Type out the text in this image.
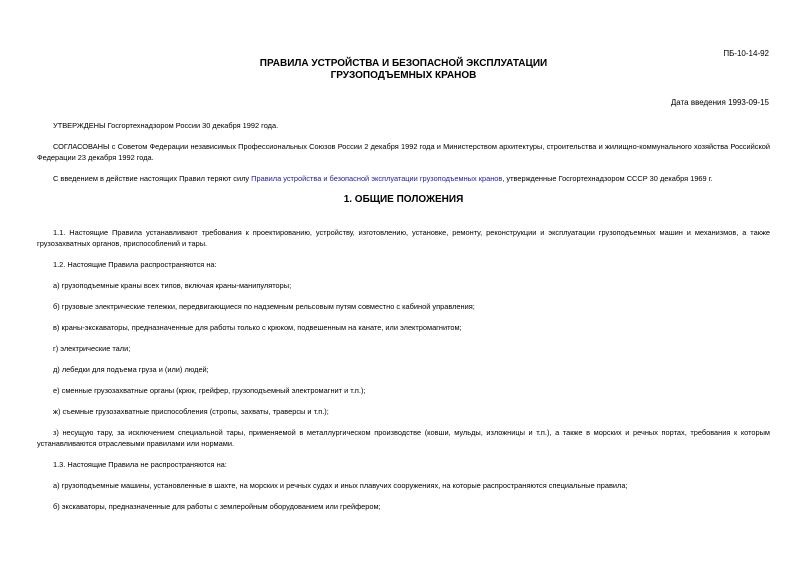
ПБ-10-14-92
ПРАВИЛА УСТРОЙСТВА И БЕЗОПАСНОЙ ЭКСПЛУАТАЦИИ
ГРУЗОПОДЪЕМНЫХ КРАНОВ
Дата введения 1993-09-15

УТВЕРЖДЕНЫ Госгортехнадзором России 30 декабря 1992 года.

СОГЛАСОВАНЫ с Советом Федерации независимых Профессиональных Союзов России 2 декабря 1992 года и Министерством архитектуры, строительства и жилищно-коммунального хозяйства Российской Федерации 23 декабря 1992 года.

С введением в действие настоящих Правил теряют силу Правила устройства и безопасной эксплуатации грузоподъемных кранов, утвержденные Госгортехнадзором СССР 30 декабря 1969 г.

1. ОБЩИЕ ПОЛОЖЕНИЯ

1.1. Настоящие Правила устанавливают требования к проектированию, устройству, изготовлению, установке, ремонту, реконструкции и эксплуатации грузоподъемных машин и механизмов, а также грузозахватных органов, приспособлений и тары.

1.2. Настоящие Правила распространяются на:

а) грузоподъемные краны всех типов, включая краны-манипуляторы;

б) грузовые электрические тележки, передвигающиеся по надземным рельсовым путям совместно с кабиной управления;

в) краны-экскаваторы, предназначенные для работы только с крюком, подвешенным на канате, или электромагнитом;

г) электрические тали;

д) лебедки для подъема груза и (или) людей;

е) сменные грузозахватные органы (крюк, грейфер, грузоподъемный электромагнит и т.п.);

ж) съемные грузозахватные приспособления (стропы, захваты, траверсы и т.п.);

з) несущую тару, за исключением специальной тары, применяемой в металлургическом производстве (ковши, мульды, изложницы и т.п.), а также в морских и речных портах, требования к которым устанавливаются отраслевыми правилами или нормами.

1.3. Настоящие Правила не распространяются на:

а) грузоподъемные машины, установленные в шахте, на морских и речных судах и иных плавучих сооружениях, на которые распространяются специальные правила;

б) экскаваторы, предназначенные для работы с землеройным оборудованием или грейфером;
